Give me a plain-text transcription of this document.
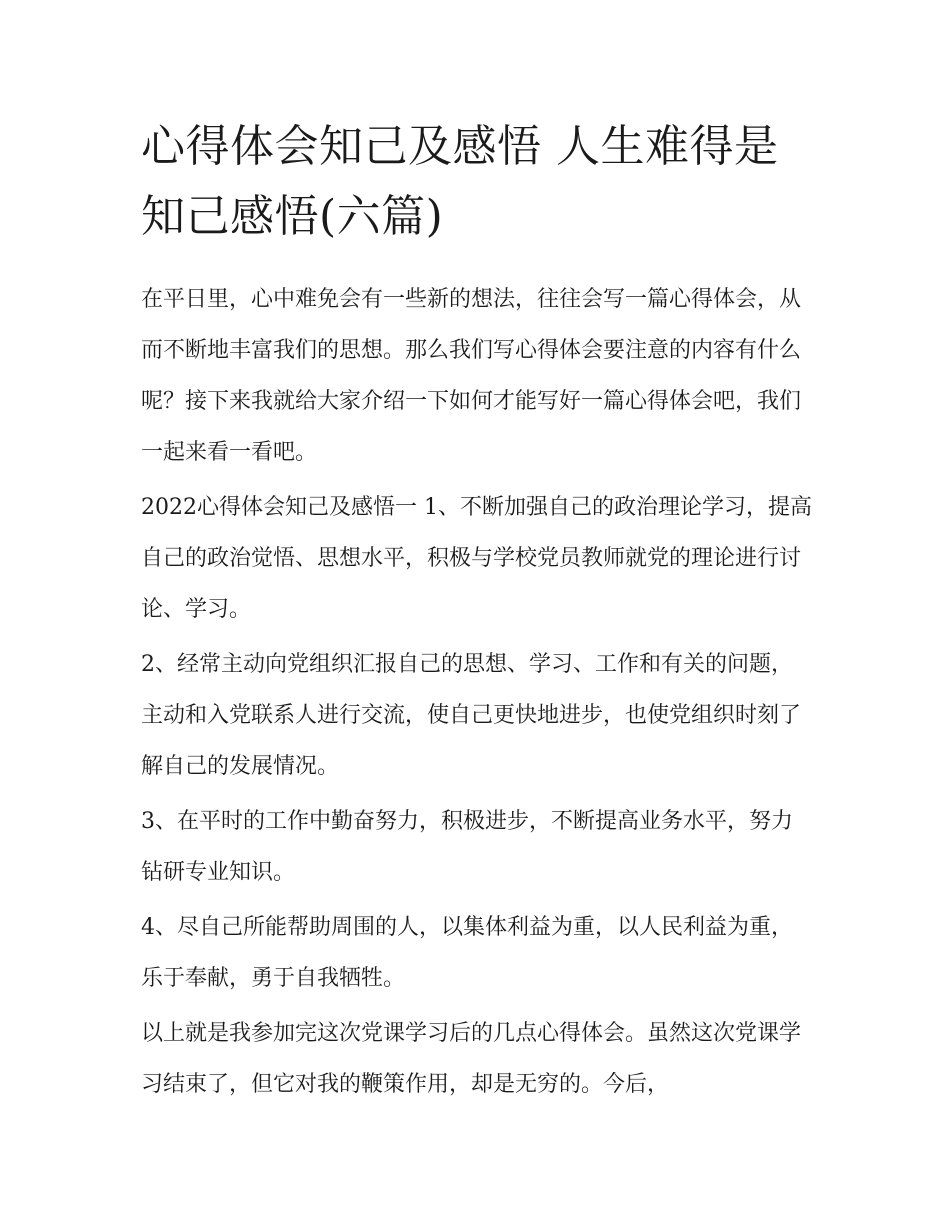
心得体会知己及感悟 人生难得是知己感悟(六篇)

在平日里，心中难免会有一些新的想法，往往会写一篇心得体会，从而不断地丰富我们的思想。那么我们写心得体会要注意的内容有什么呢？接下来我就给大家介绍一下如何才能写好一篇心得体会吧，我们一起来看一看吧。

2022心得体会知己及感悟一 1、不断加强自己的政治理论学习，提高自己的政治觉悟、思想水平，积极与学校党员教师就党的理论进行讨论、学习。

2、经常主动向党组织汇报自己的思想、学习、工作和有关的问题，主动和入党联系人进行交流，使自己更快地进步，也使党组织时刻了解自己的发展情况。

3、在平时的工作中勤奋努力，积极进步，不断提高业务水平，努力钻研专业知识。

4、尽自己所能帮助周围的人，以集体利益为重，以人民利益为重，乐于奉献，勇于自我牺牲。

以上就是我参加完这次党课学习后的几点心得体会。虽然这次党课学习结束了，但它对我的鞭策作用，却是无穷的。今后，
